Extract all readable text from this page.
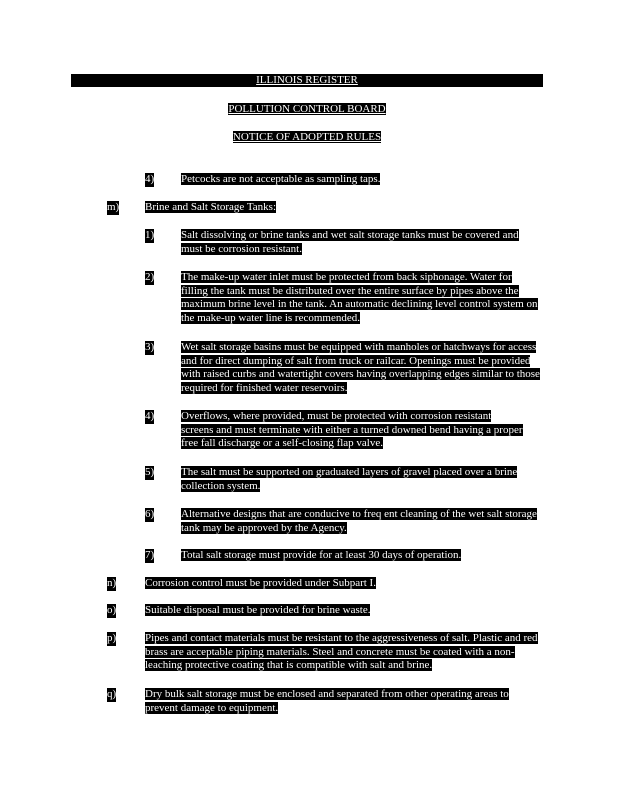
ILLINOIS REGISTER
POLLUTION CONTROL BOARD
NOTICE OF ADOPTED RULES
4) Petcocks are not acceptable as sampling taps.
m) Brine and Salt Storage Tanks:
1) Salt dissolving or brine tanks and wet salt storage tanks must be covered and must be corrosion resistant.
2) The make-up water inlet must be protected from back siphonage. Water for filling the tank must be distributed over the entire surface by pipes above the maximum brine level in the tank. An automatic declining level control system on the make-up water line is recommended.
3) Wet salt storage basins must be equipped with manholes or hatchways for access and for direct dumping of salt from truck or railcar. Openings must be provided with raised curbs and watertight covers having overlapping edges similar to those required for finished water reservoirs.
4) Overflows, where provided, must be protected with corrosion resistant screens and must terminate with either a turned downed bend having a proper free fall discharge or a self-closing flap valve.
5) The salt must be supported on graduated layers of gravel placed over a brine collection system.
6) Alternative designs that are conducive to freq ent cleaning of the wet salt storage tank may be approved by the Agency.
7) Total salt storage must provide for at least 30 days of operation.
n)	Corrosion control must be provided under Subpart I.
o)	Suitable disposal must be provided for brine waste.
p)	Pipes and contact materials must be resistant to the aggressiveness of salt. Plastic and red brass are acceptable piping materials. Steel and concrete must be coated with a non-leaching protective coating that is compatible with salt and brine.
q)	Dry bulk salt storage must be enclosed and separated from other operating areas to prevent damage to equipment.
